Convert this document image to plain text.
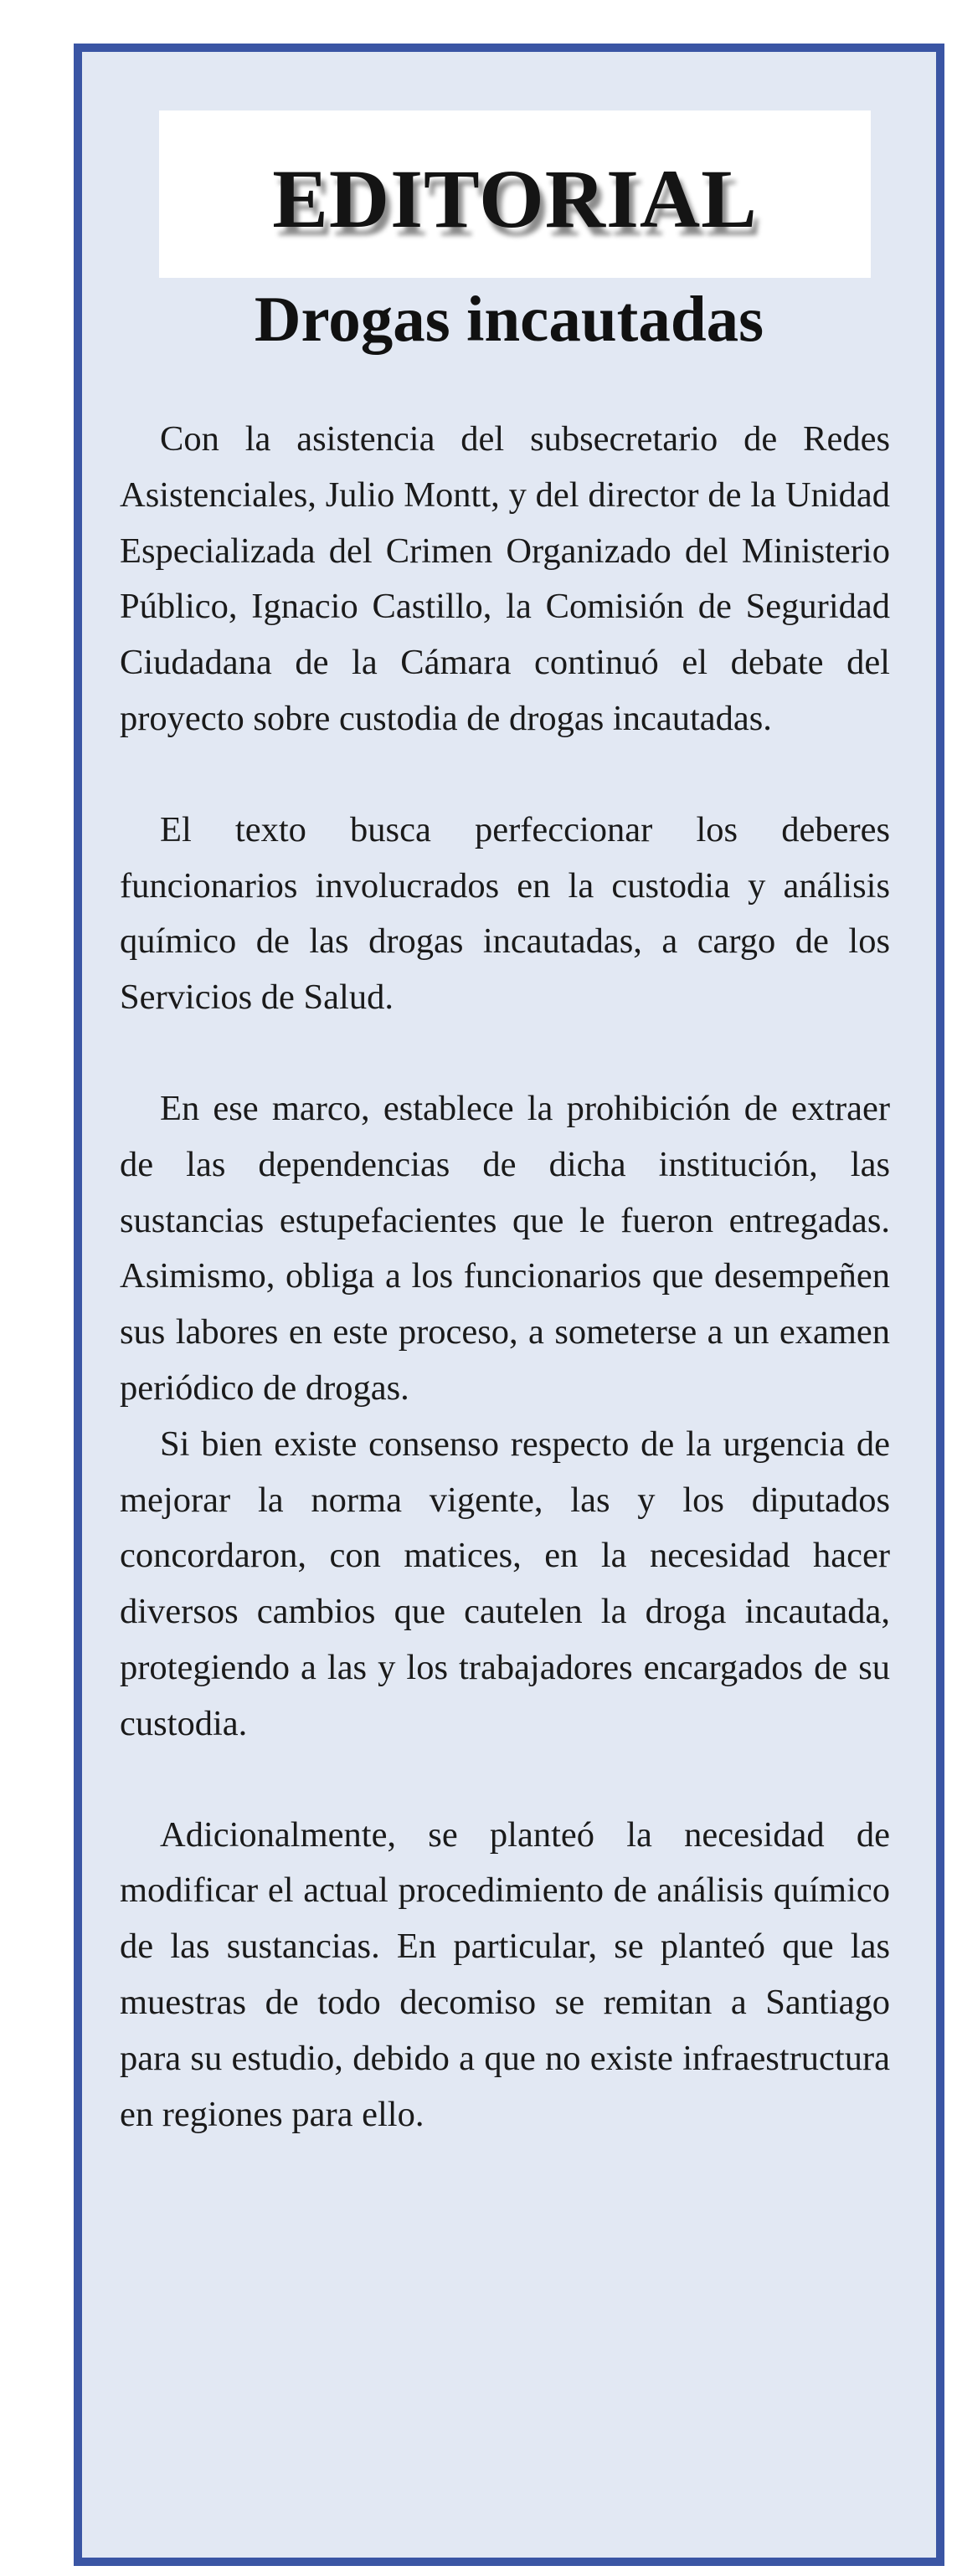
EDITORIAL
Drogas incautadas

Con la asistencia del subsecretario de Redes Asistenciales, Julio Montt, y del director de la Unidad Especializada del Crimen Organizado del Ministerio Público, Ignacio Castillo, la Comisión de Seguridad Ciudadana de la Cámara continuó el debate del proyecto sobre custodia de drogas incautadas.

El texto busca perfeccionar los deberes funcionarios involucrados en la custodia y análisis químico de las drogas incautadas, a cargo de los Servicios de Salud.

En ese marco, establece la prohibición de extraer de las dependencias de dicha institución, las sustancias estupefacientes que le fueron entregadas. Asimismo, obliga a los funcionarios que desempeñen sus labores en este proceso, a someterse a un examen periódico de drogas.

Si bien existe consenso respecto de la urgencia de mejorar la norma vigente, las y los diputados concordaron, con matices, en la necesidad hacer diversos cambios que cautelen la droga incautada, protegiendo a las y los trabajadores encargados de su custodia.

Adicionalmente, se planteó la necesidad de modificar el actual procedimiento de análisis químico de las sustancias. En particular, se planteó que las muestras de todo decomiso se remitan a Santiago para su estudio, debido a que no existe infraestructura en regiones para ello.
